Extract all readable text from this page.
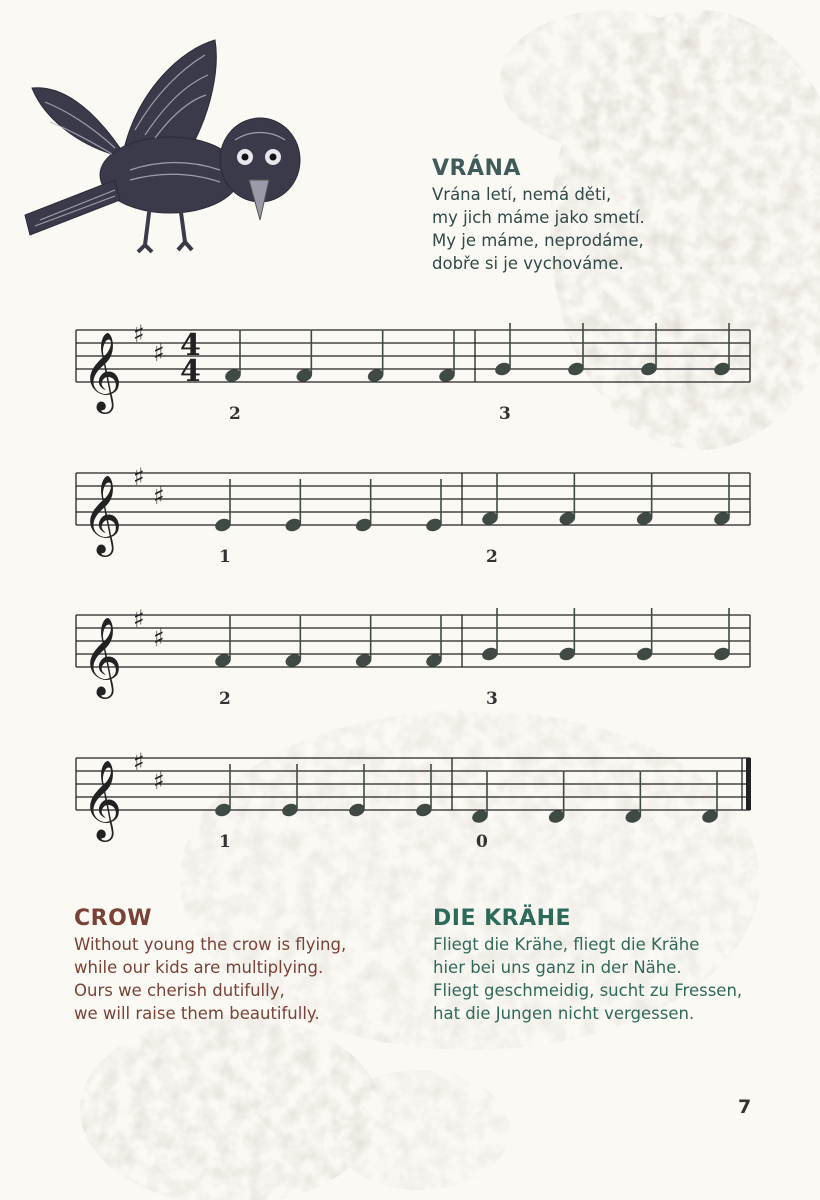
VRÁNA
Vrána letí, nemá děti,
my jich máme jako smetí.
My je máme, neprodáme,
dobře si je vychováme.
𝄞 ♯
♯ 4
4
2	3
𝄞 ♯
♯
1	2
𝄞 ♯
♯
2	3
𝄞 ♯
♯
1	0
CROW
Without young the crow is flying,
while our kids are multiplying.
Ours we cherish dutifully,
we will raise them beautifully.
DIE KRÄHE
Fliegt die Krähe, fliegt die Krähe
hier bei uns ganz in der Nähe.
Fliegt geschmeidig, sucht zu Fressen,
hat die Jungen nicht vergessen.
7
